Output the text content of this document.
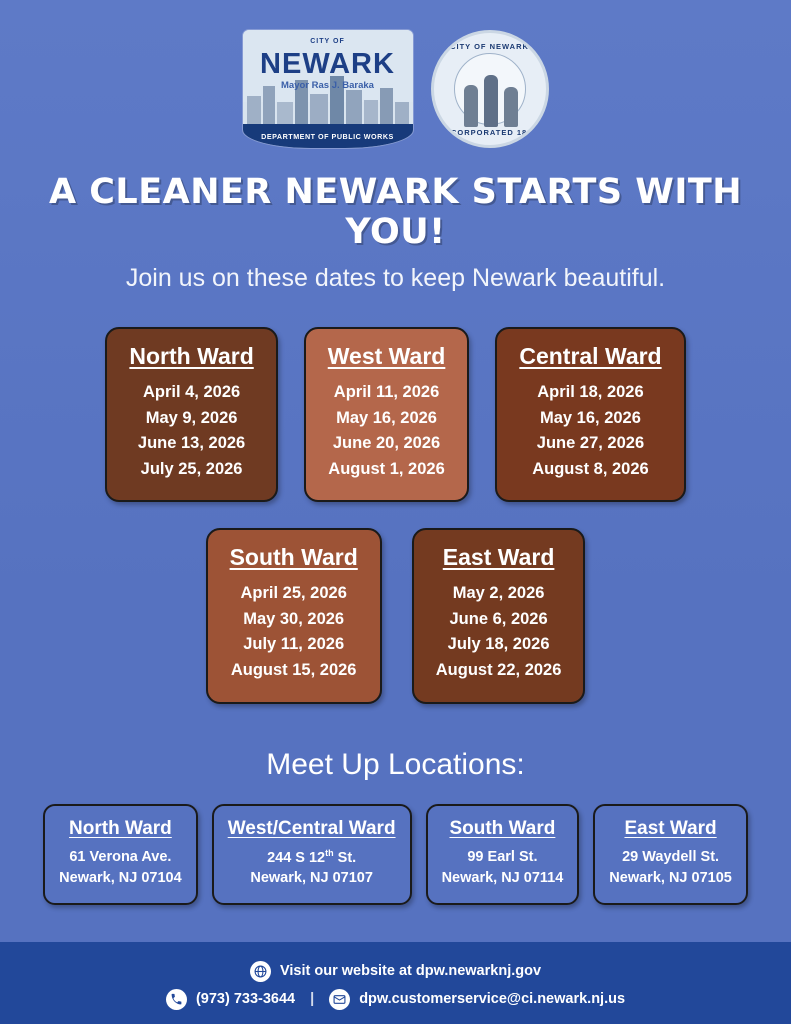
CITY OF
NEWARK
Mayor Ras J. Baraka
DEPARTMENT OF PUBLIC WORKS
CITY OF NEWARK
INCORPORATED 1836
A CLEANER NEWARK STARTS WITH YOU!
Join us on these dates to keep Newark beautiful.
North Ward
April 4, 2026
May 9, 2026
June 13, 2026
July 25, 2026
West Ward
April 11, 2026
May 16, 2026
June 20, 2026
August 1, 2026
Central Ward
April 18, 2026
May 16, 2026
June 27, 2026
August 8, 2026
South Ward
April 25, 2026
May 30, 2026
July 11, 2026
August 15, 2026
East Ward
May 2, 2026
June 6, 2026
July 18, 2026
August 22, 2026
Meet Up Locations:
North Ward
61 Verona Ave.
Newark, NJ 07104
West/Central Ward
244 S 12th St.
Newark, NJ 07107
South Ward
99 Earl St.
Newark, NJ 07114
East Ward
29 Waydell St.
Newark, NJ 07105
Visit our website at dpw.newarknj.gov
(973) 733-3644 |	dpw.customerservice@ci.newark.nj.us
